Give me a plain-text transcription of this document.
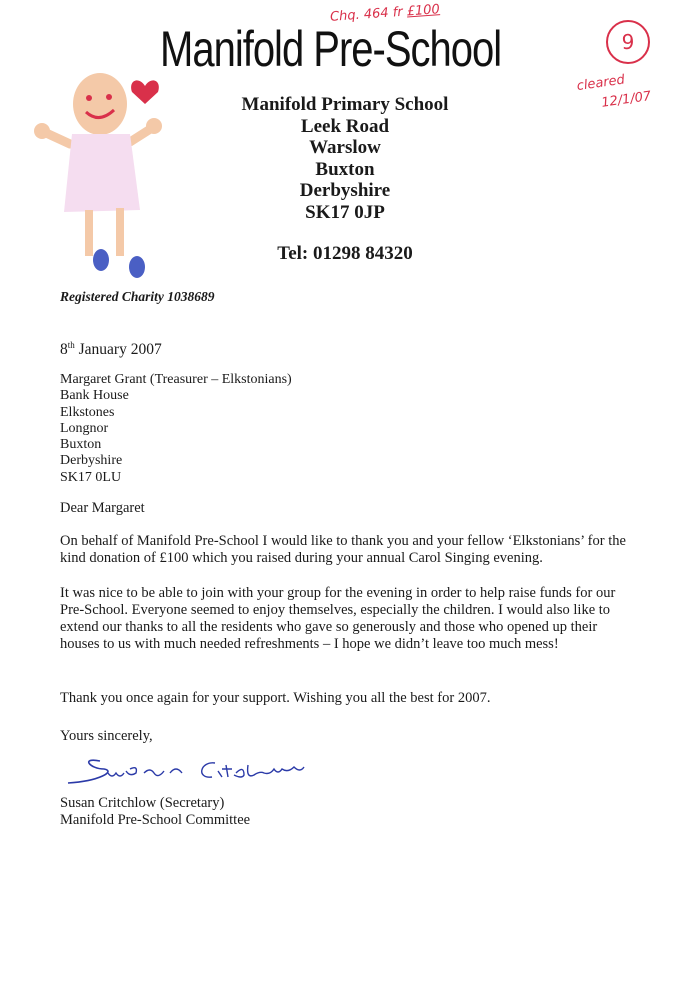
Manifold Pre-School
Manifold Primary School
Leek Road
Warslow
Buxton
Derbyshire
SK17 0JP
Tel: 01298 84320
Registered Charity 1038689
Chq. 464 fr £100
9
cleared
12/1/07
8th January 2007
Margaret Grant (Treasurer – Elkstonians)
Bank House
Elkstones
Longnor
Buxton
Derbyshire
SK17 0LU
Dear Margaret
On behalf of Manifold Pre-School I would like to thank you and your fellow ‘Elkstonians’ for the kind donation of £100 which you raised during your annual Carol Singing evening.
It was nice to be able to join with your group for the evening in order to help raise funds for our Pre-School. Everyone seemed to enjoy themselves, especially the children. I would also like to extend our thanks to all the residents who gave so generously and those who opened up their houses to us with much needed refreshments – I hope we didn’t leave too much mess!
Thank you once again for your support. Wishing you all the best for 2007.
Yours sincerely,
Susan Critchlow (Secretary)
Manifold Pre-School Committee
